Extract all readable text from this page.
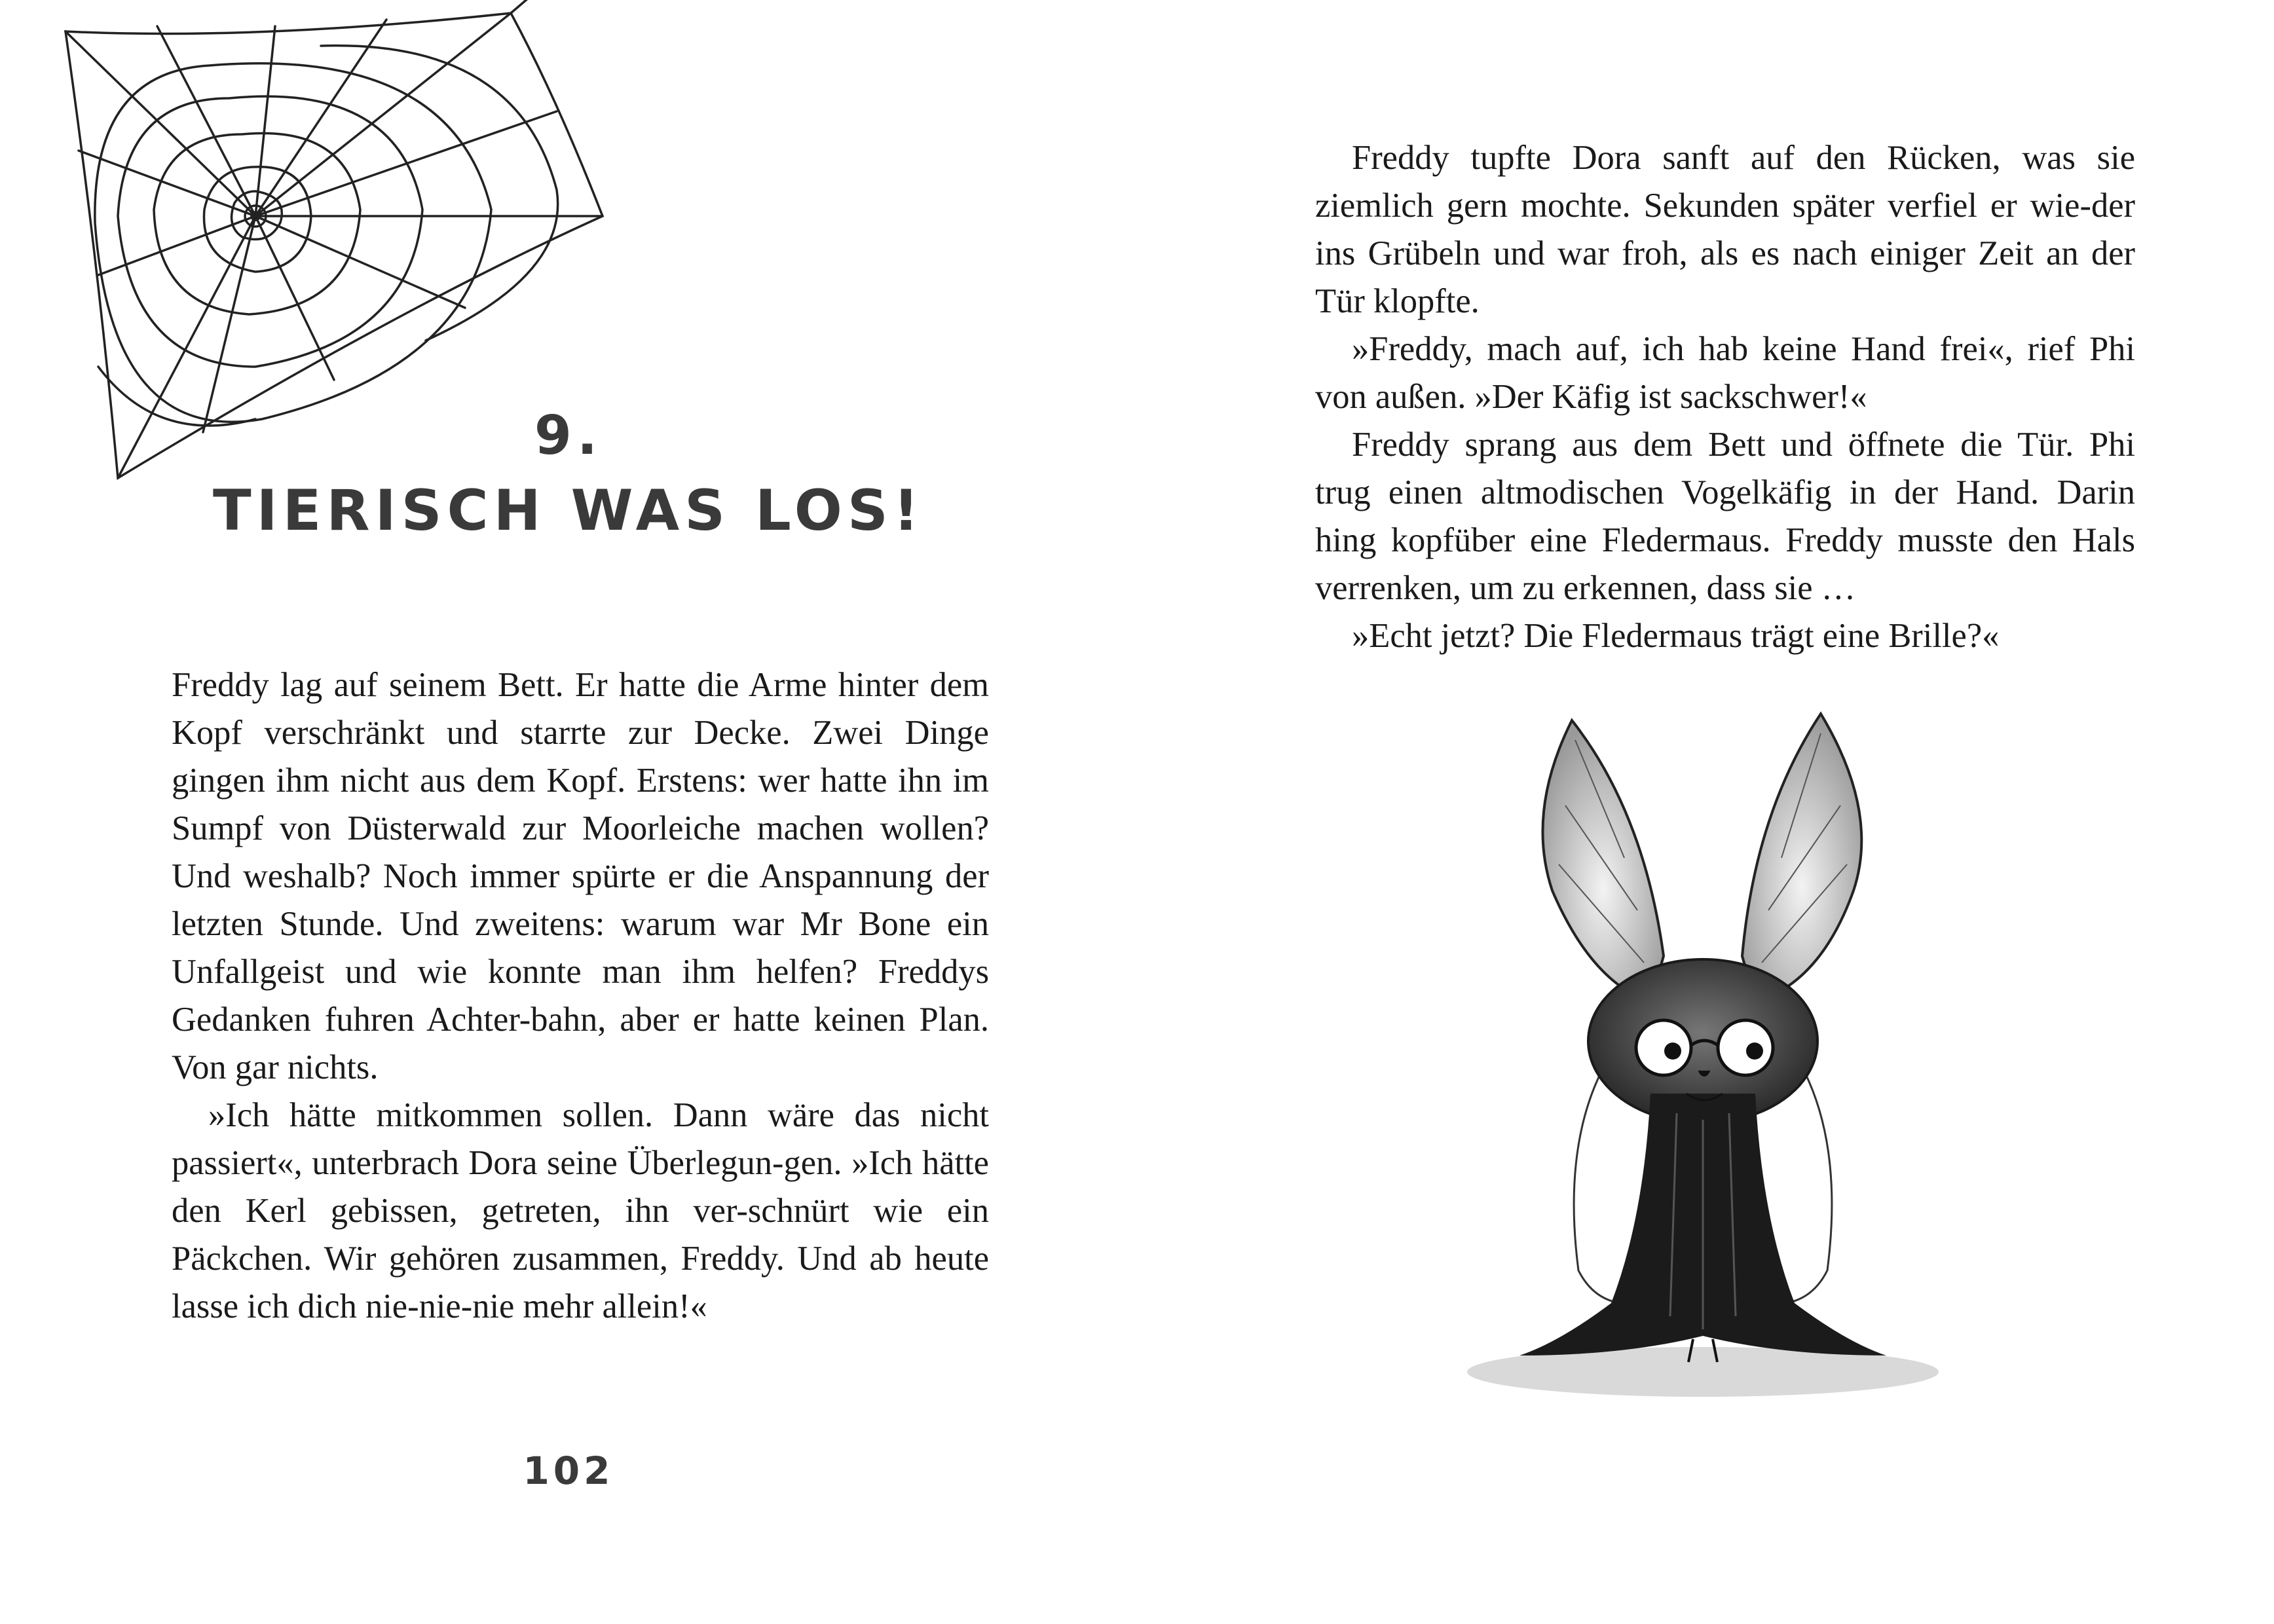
9.
TIERISCH WAS LOS!

Freddy lag auf seinem Bett. Er hatte die Arme hinter dem Kopf verschränkt und starrte zur Decke. Zwei Dinge gingen ihm nicht aus dem Kopf. Erstens: wer hatte ihn im Sumpf von Düsterwald zur Moorleiche machen wollen? Und weshalb? Noch immer spürte er die Anspannung der letzten Stunde. Und zweitens: warum war Mr Bone ein Unfallgeist und wie konnte man ihm helfen? Freddys Gedanken fuhren Achter-bahn, aber er hatte keinen Plan. Von gar nichts.

»Ich hätte mitkommen sollen. Dann wäre das nicht passiert«, unterbrach Dora seine Überlegun-gen. »Ich hätte den Kerl gebissen, getreten, ihn ver-schnürt wie ein Päckchen. Wir gehören zusammen, Freddy. Und ab heute lasse ich dich nie-nie-nie mehr allein!«

102

Freddy tupfte Dora sanft auf den Rücken, was sie ziemlich gern mochte. Sekunden später verfiel er wie-der ins Grübeln und war froh, als es nach einiger Zeit an der Tür klopfte.

»Freddy, mach auf, ich hab keine Hand frei«, rief Phi von außen. »Der Käfig ist sackschwer!«

Freddy sprang aus dem Bett und öffnete die Tür. Phi trug einen altmodischen Vogelkäfig in der Hand. Darin hing kopfüber eine Fledermaus. Freddy musste den Hals verrenken, um zu erkennen, dass sie …

»Echt jetzt? Die Fledermaus trägt eine Brille?«
